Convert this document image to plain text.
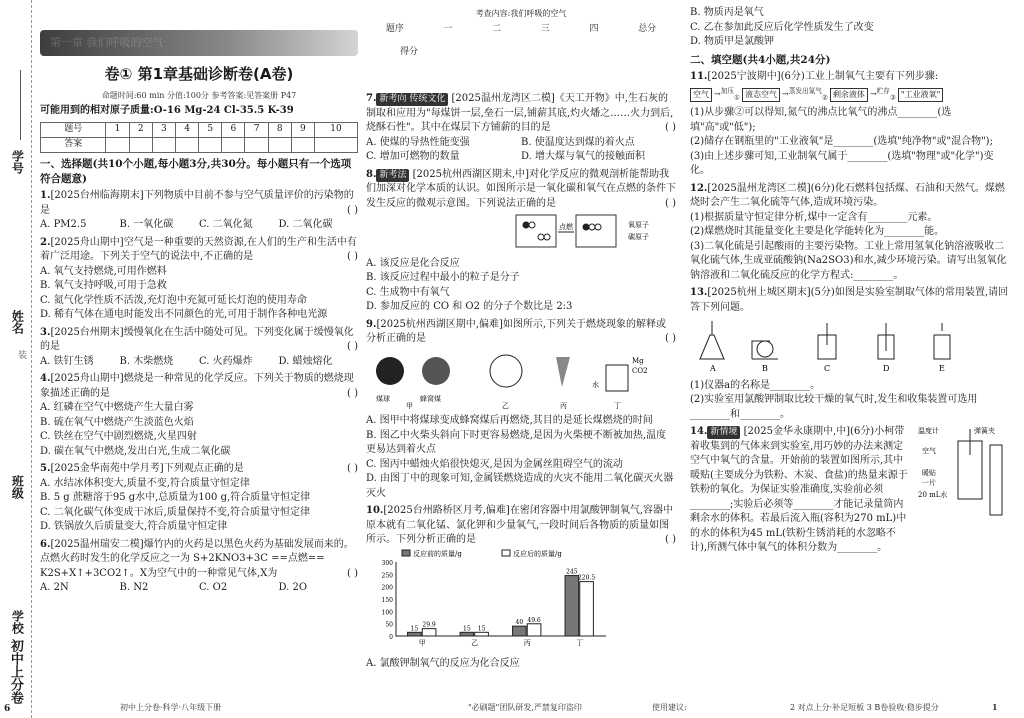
学号
姓名
装
班级
学校
初中上分卷
6
考查内容:我们呼吸的空气
题序	一	二	三	四	总分
得分
第一章 我们呼吸的空气
卷① 第1章基础诊断卷(A卷)
命题时间:60 min 分值:100分 参考答案:见答案册 P47
可能用到的相对原子质量:O-16 Mg-24 Cl-35.5 K-39
题号	1	2	3	4	5	6	7	8	9	10
答案										
一、选择题(共10个小题,每小题3分,共30分。每小题只有一个选项符合题意)
1.[2025台州临海期末]下列物质中目前不参与空气质量评价的污染物的是	( )
A. PM2.5	B. 一氧化碳	C. 二氧化氮	D. 二氧化碳
2.[2025舟山期中]空气是一种重要的天然资源,在人们的生产和生活中有着广泛用途。下列关于空气的说法中,不正确的是	( )
A. 氧气支持燃烧,可用作燃料
B. 氧气支持呼吸,可用于急救
C. 氮气化学性质不活泼,充灯泡中充氮可延长灯泡的使用寿命
D. 稀有气体在通电时能发出不同颜色的光,可用于制作各种电光源
3.[2025台州期末]缓慢氧化在生活中随处可见。下列变化属于缓慢氧化的是	( )
A. 铁钉生锈	B. 木柴燃烧	C. 火药爆炸	D. 蜡烛熔化
4.[2025舟山期中]燃烧是一种常见的化学反应。下列关于物质的燃烧现象描述正确的是	( )
A. 红磷在空气中燃烧产生大量白雾
B. 硫在氧气中燃烧产生淡蓝色火焰
C. 铁丝在空气中剧烈燃烧,火星四射
D. 碳在氧气中燃烧,发出白光,生成二氧化碳
5.[2025金华南苑中学月考]下列观点正确的是	( )
A. 水结冰体积变大,质量不变,符合质量守恒定律
B. 5 g 蔗糖溶于95 g水中,总质量为100 g,符合质量守恒定律
C. 二氧化碳气体变成干冰后,质量保持不变,符合质量守恒定律
D. 铁锅放久后质量变大,符合质量守恒定律
6.[2025温州瑞安二模]爆竹内的火药是以黑色火药为基础发展而来的。点燃火药时发生的化学反应之一为 S+2KNO3+3C ==点燃== K2S+X↑+3CO2↑。X为空气中的一种常见气体,X为	( )
A. 2N	B. N2	C. O2	D. 2O
7. 新考向 传统文化 [2025温州龙湾区二模]《天工开物》中,生石灰的制取和应用为"每煤饼一层,垒石一层,铺薪其底,灼火燔之……火力到后,烧酥石性"。其中在煤层下方铺薪的目的是	( )
A. 使煤的导热性能变强	B. 使温度达到煤的着火点
C. 增加可燃物的数量	D. 增大煤与氧气的接触面积
8. 新考法 [2025杭州西湖区期末,中]对化学反应的微观剖析能帮助我们加深对化学本质的认识。如图所示是一氧化碳和氧气在点燃的条件下发生反应的微观示意图。下列说法正确的是	( )
点燃	氧原子
碳原子
A. 该反应是化合反应
B. 该反应过程中最小的粒子是分子
C. 生成物中有氧气
D. 参加反应的 CO 和 O2 的分子个数比是 2:3
9.[2025杭州西湖区期中,偏难]如图所示,下列关于燃烧现象的解释或分析正确的是	( )
煤球	蜂窝煤
甲	乙	丙	丁
水
Mg
CO2
A. 图甲中将煤球变成蜂窝煤后再燃烧,其目的是延长煤燃烧的时间
B. 图乙中火柴头斜向下时更容易燃烧,是因为火柴梗不断被加热,温度更易达到着火点
C. 图丙中蜡烛火焰很快熄灭,是因为金属丝阻碍空气的流动
D. 由图丁中的现象可知,金属镁燃烧造成的火灾不能用二氧化碳灭火器灭火
10.[2025台州路桥区月考,偏难]在密闭容器中用氯酸钾制氧气,容器中原本就有二氧化锰、氯化钾和少量氧气,一段时间后各物质的质量如图所示。下列分析正确的是	( )
0
50
100
150
200
250
300
15
29.9
甲
15 15
乙
40 49.6
丙
245
220.5
丁
反应前的质量/g	反应后的质量/g
A. 氯酸钾制氧气的反应为化合反应
B. 物质丙是氧气
C. 乙在参加此反应后化学性质发生了改变
D. 物质甲是氯酸钾
二、填空题(共4小题,共24分)
11.[2025宁波期中](6分)工业上制氧气主要有下列步骤:
空气 →$^{加压}_①$ 液态空气 →$^{蒸发出氮气}_②$ 剩余液体 →$^{贮存}_③$ "工业液氧"
(1)从步骤②可以得知,氮气的沸点比氧气的沸点________(选填"高"或"低");
(2)储存在钢瓶里的"工业液氧"是________(选填"纯净物"或"混合物");
(3)由上述步骤可知,工业制氧气属于________(选填"物理"或"化学")变化。
12.[2025温州龙湾区二模](6分)化石燃料包括煤、石油和天然气。煤燃烧时会产生二氧化硫等气体,造成环境污染。
(1)根据质量守恒定律分析,煤中一定含有________元素。
(2)煤燃烧时其能量变化主要是化学能转化为________能。
(3)二氧化硫是引起酸雨的主要污染物。工业上常用氢氧化钠溶液吸收二氧化硫气体,生成亚硫酸钠(Na2SO3)和水,减少环境污染。请写出氢氧化钠溶液和二氧化硫反应的化学方程式:________。
13.[2025杭州上城区期末](5分)如图是实验室制取气体的常用装置,请回答下列问题。
A	B	C	D	E
(1)仪器a的名称是________。
(2)实验室用氯酸钾制取比较干燥的氧气时,发生和收集装置可选用________和________。
14. 新情境 [2025金华永康期中,中](6分)小柯带着收集到的气体来到实验室,用巧妙的办法来测定空气中氧气的含量。开始前的装置如图所示,其中暖贴(主要成分为铁粉、木炭、食盐)的热量来源于铁粉的氧化。为保证实验准确度,实验前必须________;实验后必须等________才能记录量筒内剩余水的体积。若最后流入瓶(容积为270 mL)中的水的体积为45 mL(铁粉生锈消耗的水忽略不计),所测气体中氧气的体积分数为________。
温度计	弹簧夹
空气
暖贴
一片
20 mL水
初中上分卷·科学·八年级下册	"必刷题"团队研发,严禁复印盗印	使用建议:	2 对点上分·补足短板 3 B卷验收·稳步提分	1
